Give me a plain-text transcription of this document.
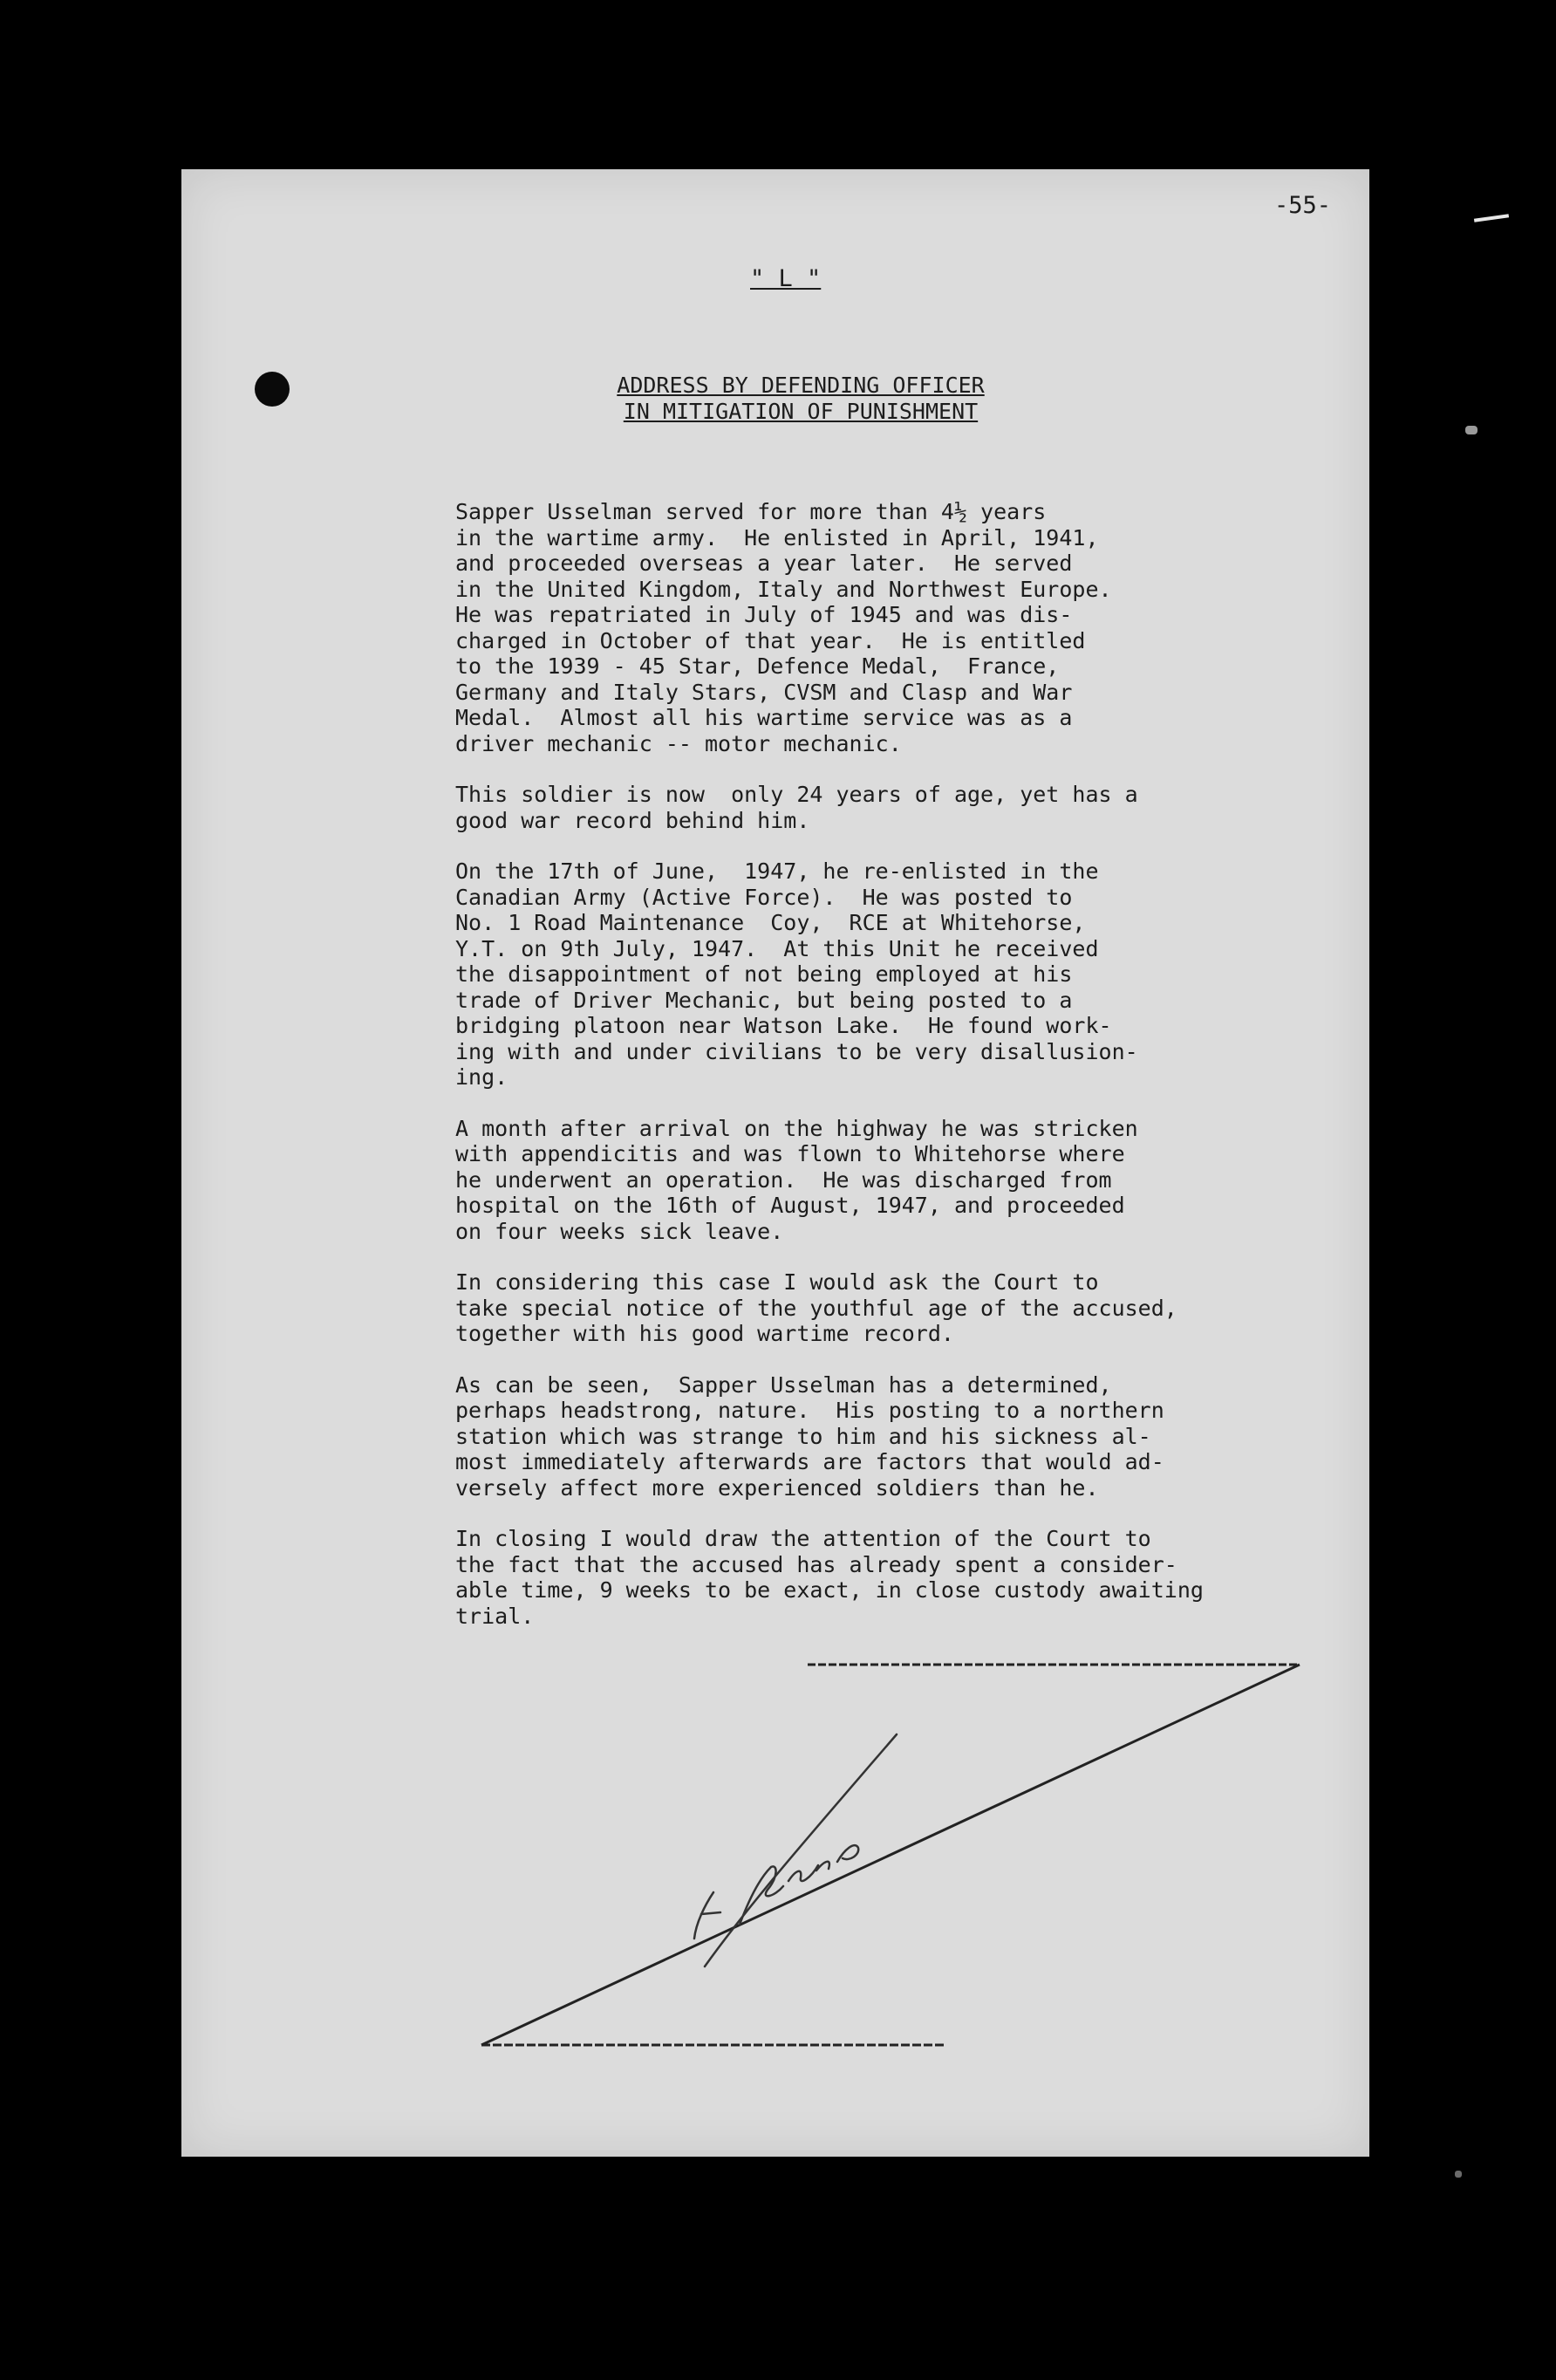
-55-
" L "
ADDRESS BY DEFENDING OFFICER
IN MITIGATION OF PUNISHMENT

Sapper Usselman served for more than 4½ years
in the wartime army.  He enlisted in April, 1941,
and proceeded overseas a year later.  He served
in the United Kingdom, Italy and Northwest Europe.
He was repatriated in July of 1945 and was dis-
charged in October of that year.  He is entitled
to the 1939 - 45 Star, Defence Medal,  France,
Germany and Italy Stars, CVSM and Clasp and War
Medal.  Almost all his wartime service was as a
driver mechanic -- motor mechanic.

This soldier is now  only 24 years of age, yet has a
good war record behind him.

On the 17th of June,  1947, he re-enlisted in the
Canadian Army (Active Force).  He was posted to
No. 1 Road Maintenance  Coy,  RCE at Whitehorse,
Y.T. on 9th July, 1947.  At this Unit he received
the disappointment of not being employed at his
trade of Driver Mechanic, but being posted to a
bridging platoon near Watson Lake.  He found work-
ing with and under civilians to be very disallusion-
ing.

A month after arrival on the highway he was stricken
with appendicitis and was flown to Whitehorse where
he underwent an operation.  He was discharged from
hospital on the 16th of August, 1947, and proceeded
on four weeks sick leave.

In considering this case I would ask the Court to
take special notice of the youthful age of the accused,
together with his good wartime record.

As can be seen,  Sapper Usselman has a determined,
perhaps headstrong, nature.  His posting to a northern
station which was strange to him and his sickness al-
most immediately afterwards are factors that would ad-
versely affect more experienced soldiers than he.

In closing I would draw the attention of the Court to
the fact that the accused has already spent a consider-
able time, 9 weeks to be exact, in close custody awaiting
trial.
